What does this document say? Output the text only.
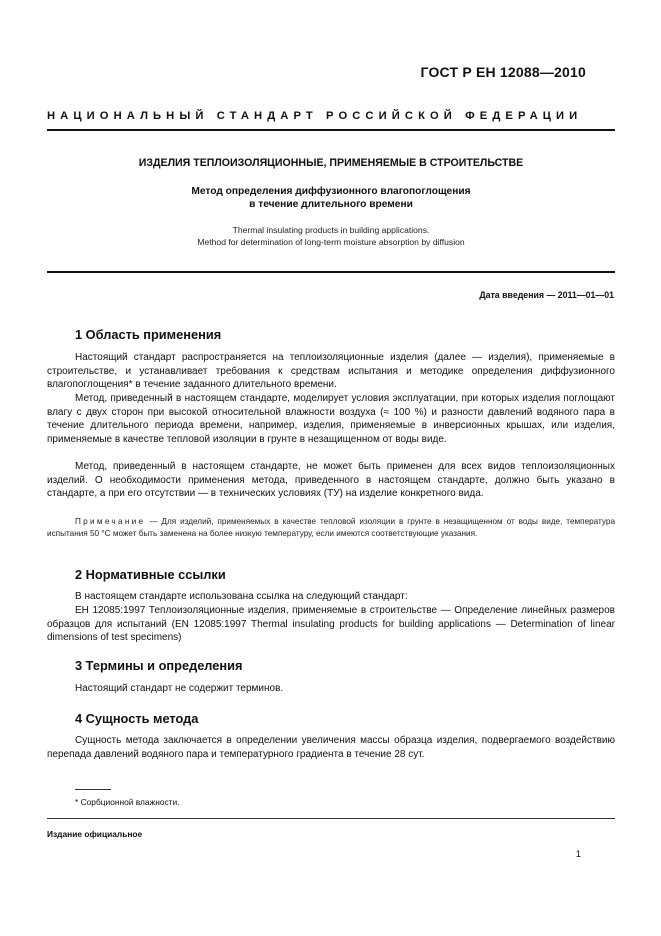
ГОСТ Р ЕН 12088—2010
НАЦИОНАЛЬНЫЙ СТАНДАРТ РОССИЙСКОЙ ФЕДЕРАЦИИ
ИЗДЕЛИЯ ТЕПЛОИЗОЛЯЦИОННЫЕ, ПРИМЕНЯЕМЫЕ В СТРОИТЕЛЬСТВЕ
Метод определения диффузионного влагопоглощения
в течение длительного времени
Thermal insulating products in building applications.
Method for determination of long-term moisture absorption by diffusion
Дата введения — 2011—01—01
1 Область применения

Настоящий стандарт распространяется на теплоизоляционные изделия (далее — изделия), применяемые в строительстве, и устанавливает требования к средствам испытания и методике определения диффузионного влагопоглощения* в течение заданного длительного времени.

Метод, приведенный в настоящем стандарте, моделирует условия эксплуатации, при которых изделия поглощают влагу с двух сторон при высокой относительной влажности воздуха (≈ 100 %) и разности давлений водяного пара в течение длительного периода времени, например, изделия, применяемые в инверсионных крышах, или изделия, применяемые в качестве тепловой изоляции в грунте в незащищенном от воды виде.

Метод, приведенный в настоящем стандарте, не может быть применен для всех видов теплоизоляционных изделий. О необходимости применения метода, приведенного в настоящем стандарте, должно быть указано в стандарте, а при его отсутствии — в технических условиях (ТУ) на изделие конкретного вида.

Примечание — Для изделий, применяемых в качестве тепловой изоляции в грунте в незащищенном от воды виде, температура испытания 50 °С может быть заменена на более низкую температуру, если имеются соответствующие указания.

2 Нормативные ссылки

В настоящем стандарте использована ссылка на следующий стандарт:

ЕН 12085:1997 Теплоизоляционные изделия, применяемые в строительстве — Определение линейных размеров образцов для испытаний (EN 12085:1997 Thermal insulating products for building applications — Determination of linear dimensions of test specimens)

3 Термины и определения

Настоящий стандарт не содержит терминов.

4 Сущность метода

Сущность метода заключается в определении увеличения массы образца изделия, подвергаемого воздействию перепада давлений водяного пара и температурного градиента в течение 28 сут.

* Сорбционной влажности.
Издание официальное
1
